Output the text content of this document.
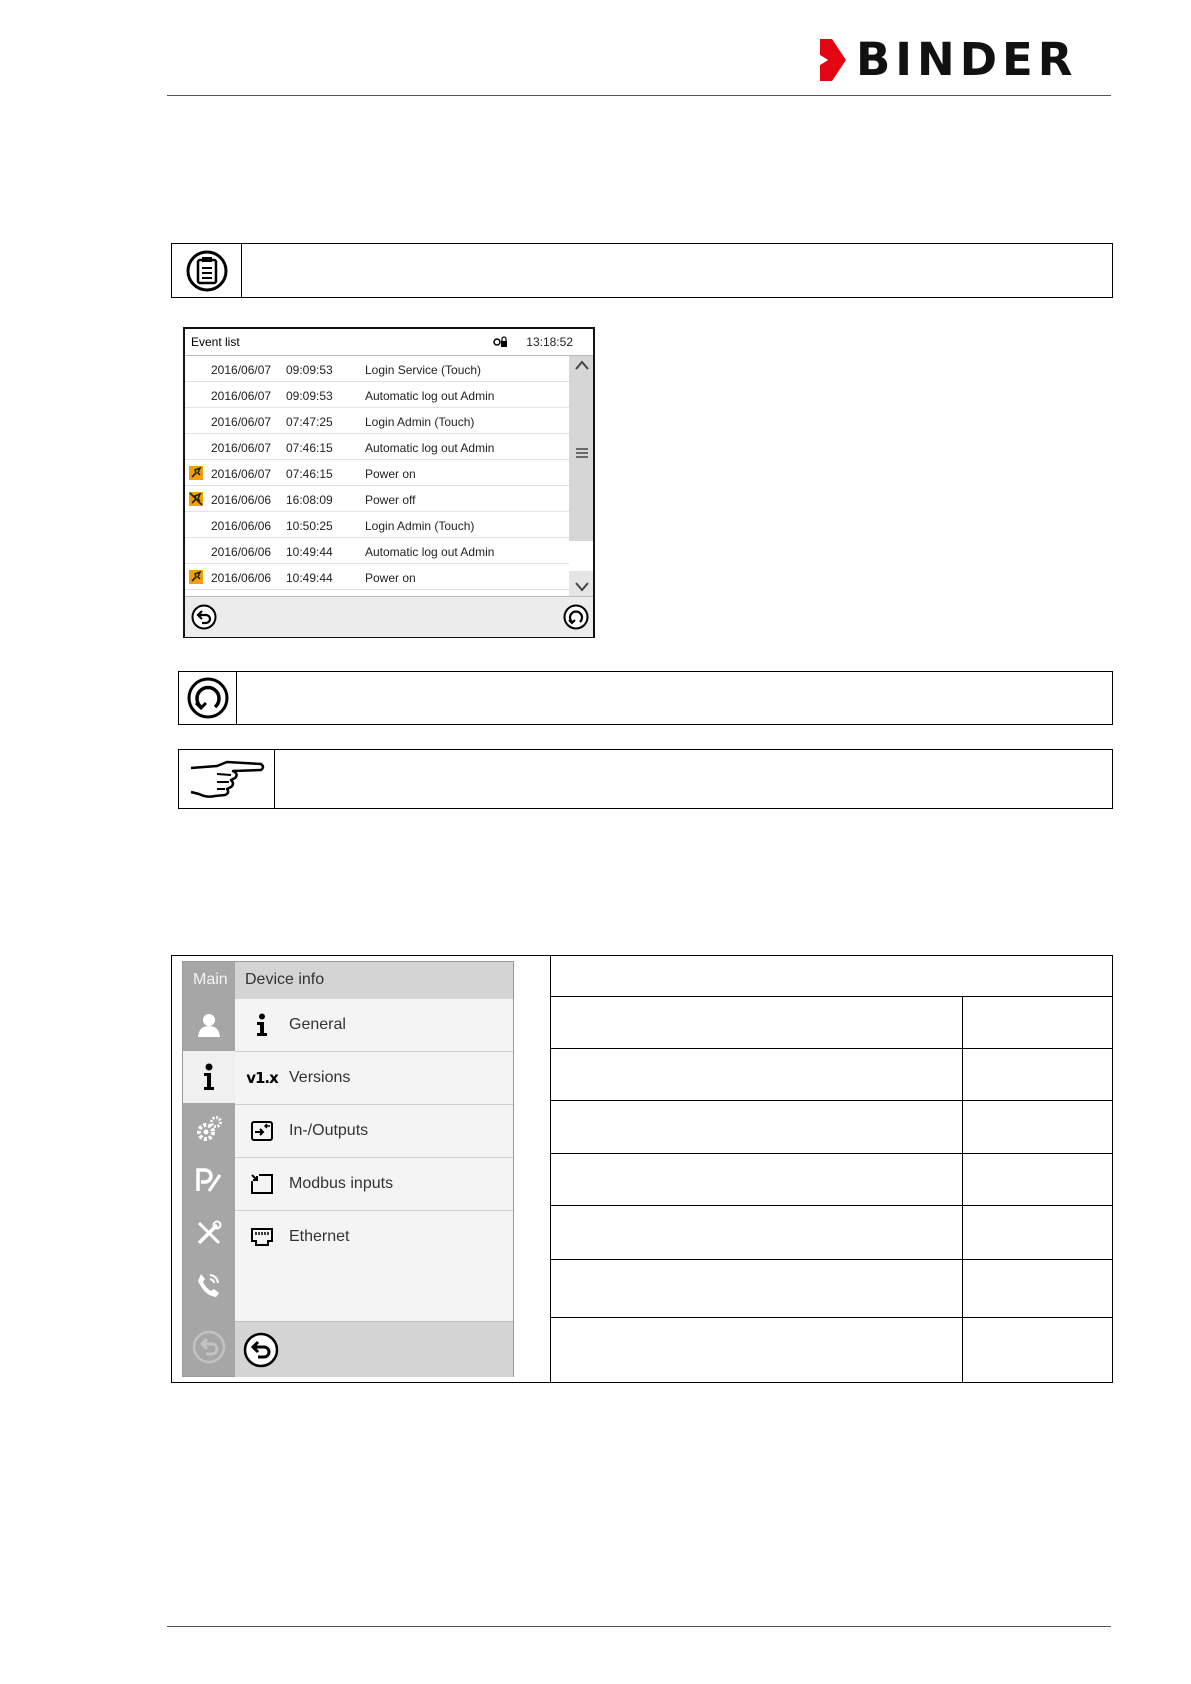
BINDER
Event list	13:18:52
2016/06/07 09:09:53	Login Service (Touch)
2016/06/07 09:09:53	Automatic log out Admin
2016/06/07 07:47:25	Login Admin (Touch)
2016/06/07 07:46:15	Automatic log out Admin
2016/06/07 07:46:15	Power on
2016/06/06 16:08:09	Power off
2016/06/06 10:50:25	Login Admin (Touch)
2016/06/06 10:49:44	Automatic log out Admin
2016/06/06 10:49:44	Power on
Main Device info
General
v1.x Versions
In-/Outputs
Modbus inputs
Ethernet
